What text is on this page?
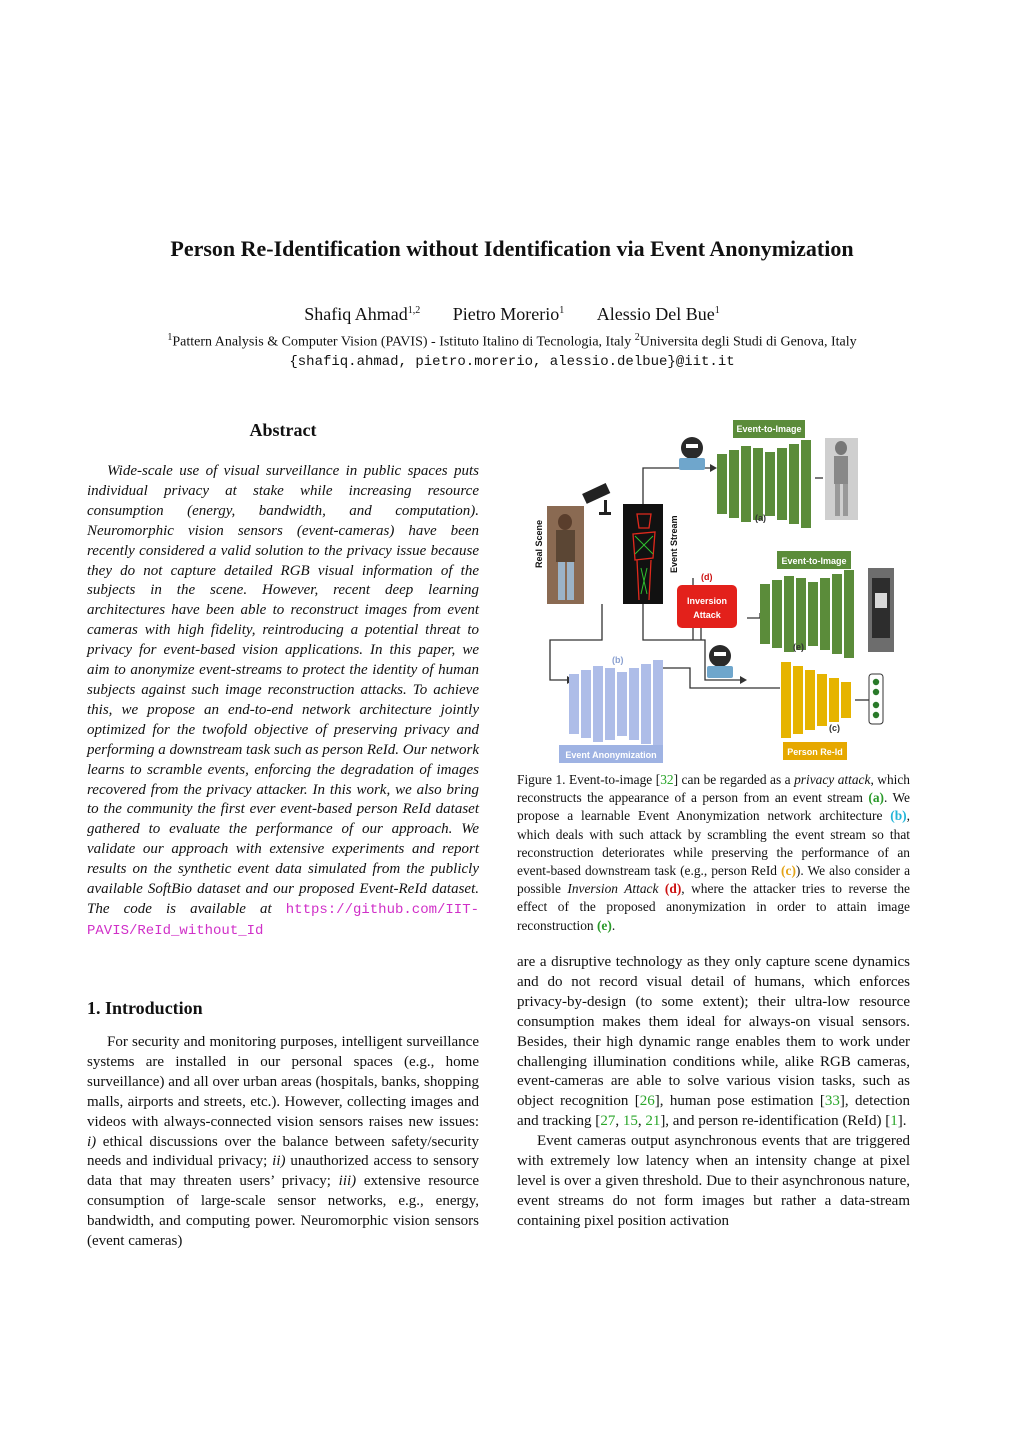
Person Re-Identification without Identification via Event Anonymization
Shafiq Ahmad$^{1,2}$ Pietro Morerio$^1$ Alessio Del Bue$^1$
$^1$Pattern Analysis & Computer Vision (PAVIS) - Istituto Italino di Tecnologia, Italy $^2$Universita degli Studi di Genova, Italy
{shafiq.ahmad, pietro.morerio, alessio.delbue}@iit.it
Abstract
Wide-scale use of visual surveillance in public spaces puts individual privacy at stake while increasing resource consumption (energy, bandwidth, and computation). Neuromorphic vision sensors (event-cameras) have been recently considered a valid solution to the privacy issue because they do not capture detailed RGB visual information of the subjects in the scene. However, recent deep learning architectures have been able to reconstruct images from event cameras with high fidelity, reintroducing a potential threat to privacy for event-based vision applications. In this paper, we aim to anonymize event-streams to protect the identity of human subjects against such image reconstruction attacks. To achieve this, we propose an end-to-end network architecture jointly optimized for the twofold objective of preserving privacy and performing a downstream task such as person ReId. Our network learns to scramble events, enforcing the degradation of images recovered from the privacy attacker. In this work, we also bring to the community the first ever event-based person ReId dataset gathered to evaluate the performance of our approach. We validate our approach with extensive experiments and report results on the synthetic event data simulated from the publicly available SoftBio dataset and our proposed Event-ReId dataset. The code is available at https://github.com/IIT-PAVIS/ReId_without_Id
1. Introduction
For security and monitoring purposes, intelligent surveillance systems are installed in our personal spaces (e.g., home surveillance) and all over urban areas (hospitals, banks, shopping malls, airports and streets, etc.). However, collecting images and videos with always-connected vision sensors raises new issues: i) ethical discussions over the balance between safety/security needs and individual privacy; ii) unauthorized access to sensory data that may threaten users’ privacy; iii) extensive resource consumption of large-scale sensor networks, e.g., energy, bandwidth, and computing power. Neuromorphic vision sensors (event cameras)
Real Scene	Event Stream
Event-to-Image
(a)
(d)
Inversion
Attack
Event-to-Image
(e)
(b)
Event Anonymization
(c)
Person Re-Id
Figure 1. Event-to-image [32] can be regarded as a privacy attack, which reconstructs the appearance of a person from an event stream (a). We propose a learnable Event Anonymization network architecture (b), which deals with such attack by scrambling the event stream so that reconstruction deteriorates while preserving the performance of an event-based downstream task (e.g., person ReId (c)). We also consider a possible Inversion Attack (d), where the attacker tries to reverse the effect of the proposed anonymization in order to attain image reconstruction (e).

are a disruptive technology as they only capture scene dynamics and do not record visual detail of humans, which enforces privacy-by-design (to some extent); their ultra-low resource consumption makes them ideal for always-on visual sensors. Besides, their high dynamic range enables them to work under challenging illumination conditions while, alike RGB cameras, event-cameras are able to solve various vision tasks, such as object recognition [26], human pose estimation [33], detection and tracking [27, 15, 21], and person re-identification (ReId) [1].

Event cameras output asynchronous events that are triggered with extremely low latency when an intensity change at pixel level is over a given threshold. Due to their asynchronous nature, event streams do not form images but rather a data-stream containing pixel position activation
